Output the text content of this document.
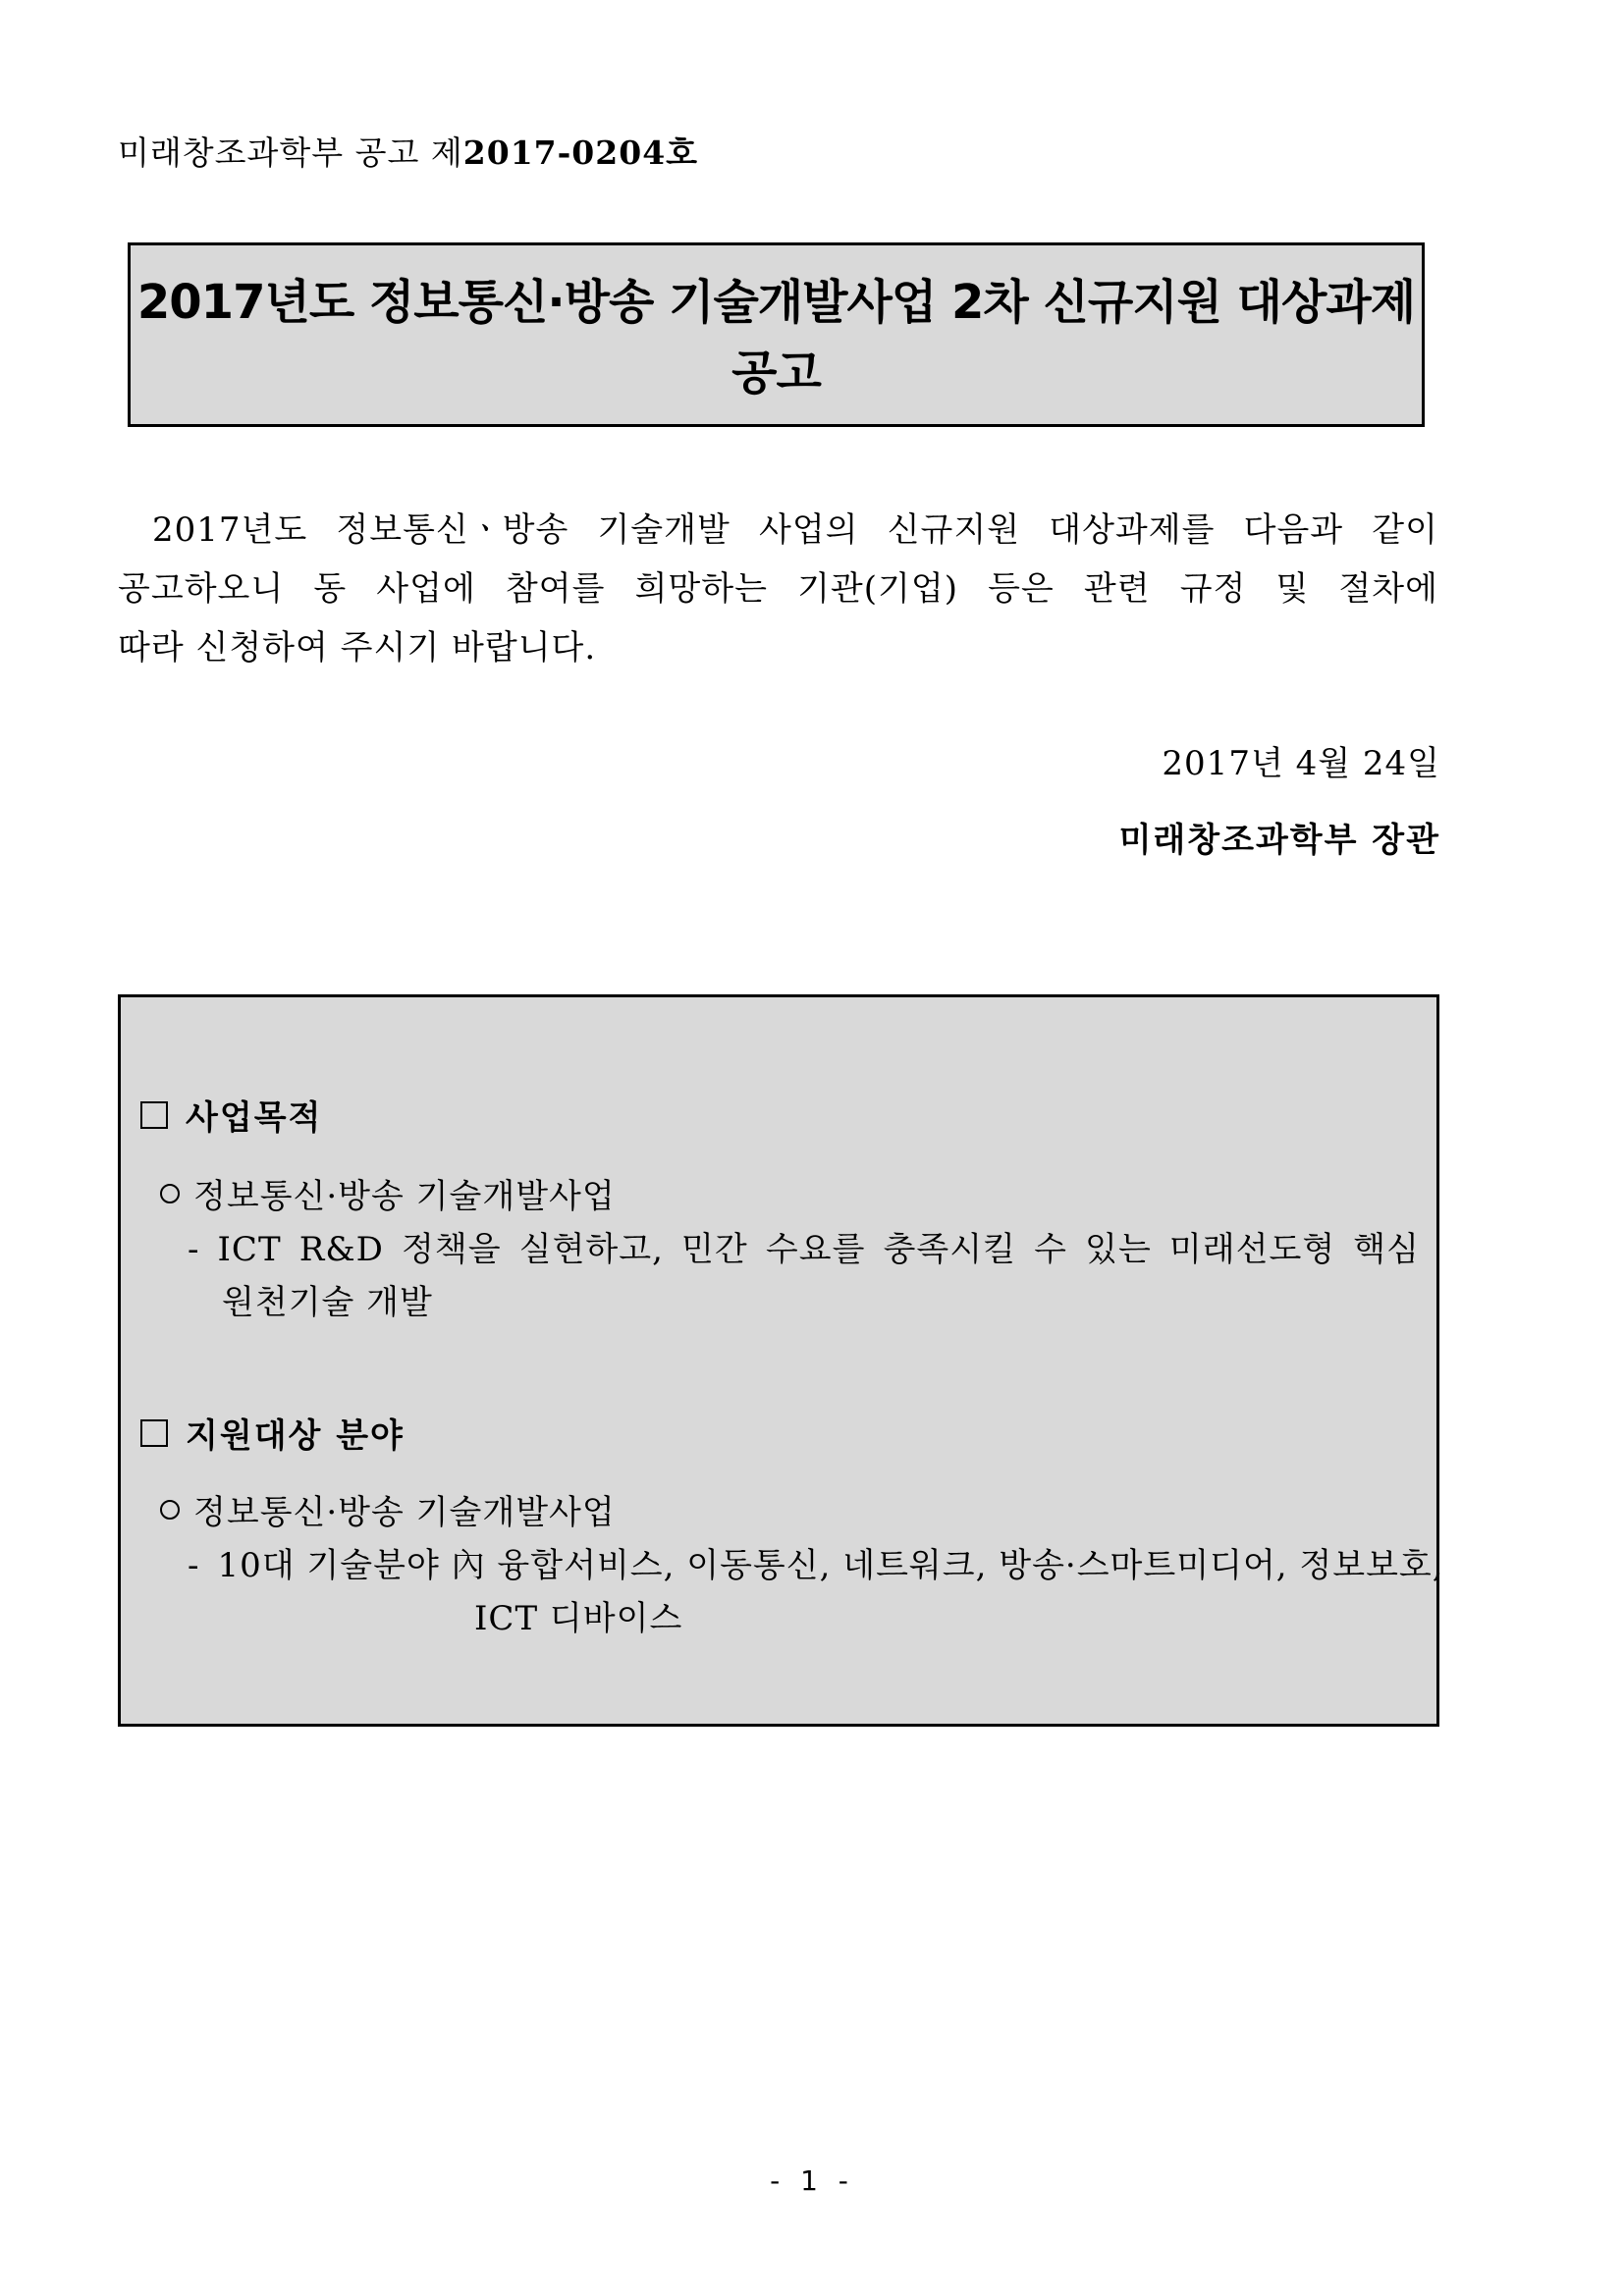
미래창조과학부 공고 제2017-0204호
2017년도 정보통신·방송 기술개발사업 2차 신규지원 대상과제
공고
2017년도 정보통신ㆍ방송 기술개발 사업의 신규지원 대상과제를 다음과 같이
공고하오니 동 사업에 참여를 희망하는 기관(기업) 등은 관련 규정 및 절차에
따라 신청하여 주시기 바랍니다.
2017년 4월 24일
미래창조과학부 장관
사업목적
정보통신·방송 기술개발사업
- ICT R&D 정책을 실현하고, 민간 수요를 충족시킬 수 있는 미래선도형 핵심
원천기술 개발
지원대상 분야
정보통신·방송 기술개발사업
- 10대 기술분야 內 융합서비스, 이동통신, 네트워크, 방송·스마트미디어, 정보보호,
ICT 디바이스
- 1 -
